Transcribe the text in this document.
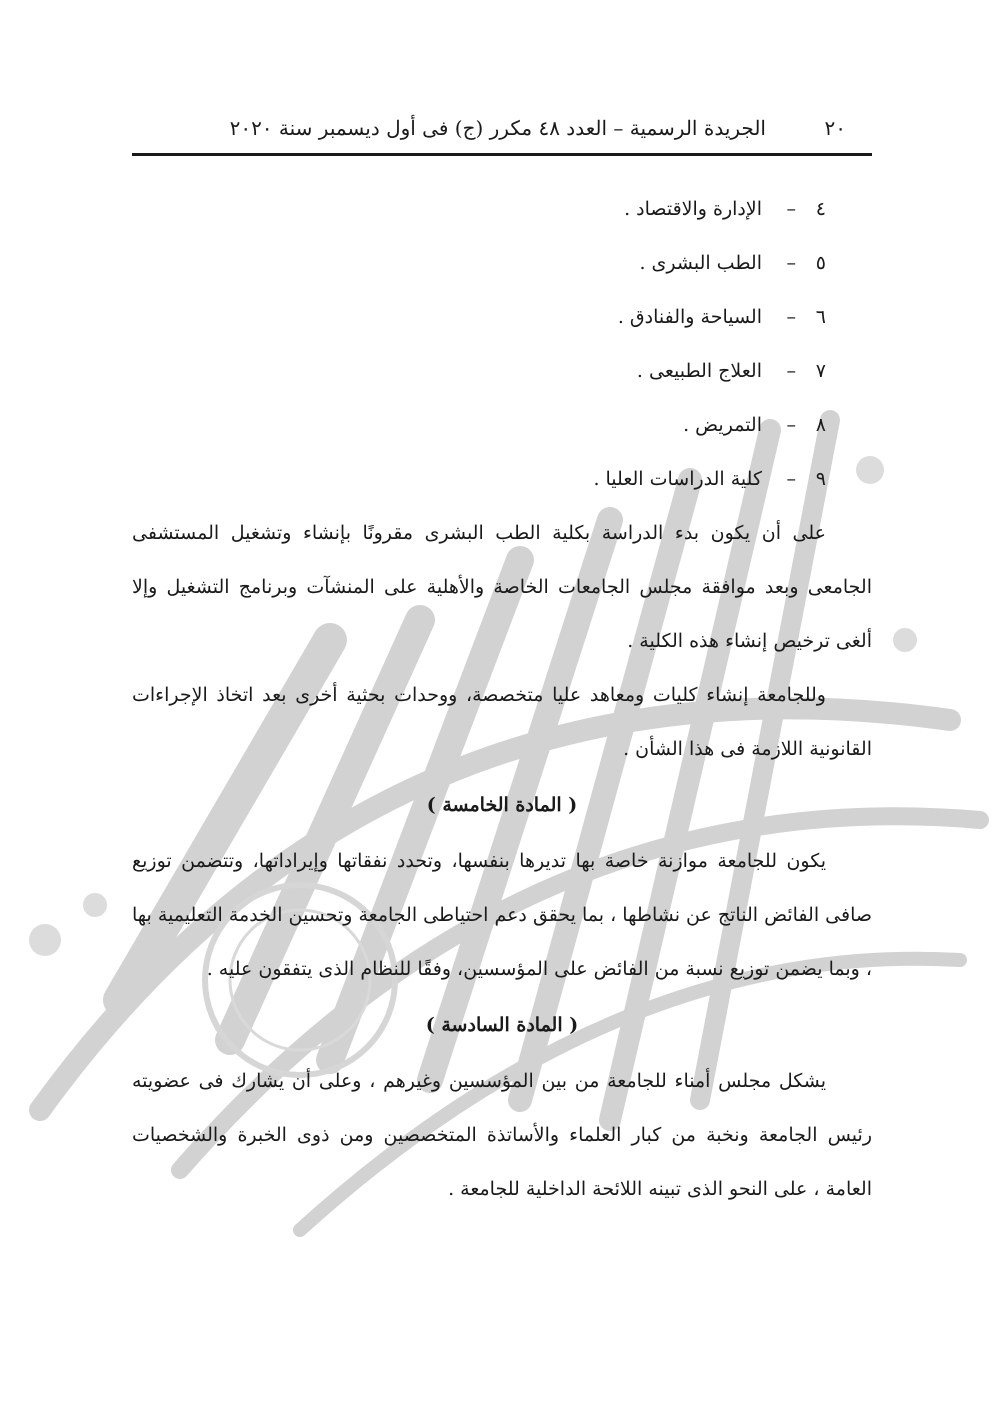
٢٠
الجريدة الرسمية – العدد ٤٨ مكرر (ج) فى أول ديسمبر سنة ٢٠٢٠
٤
–
الإدارة والاقتصاد .
٥
–
الطب البشرى .
٦
–
السياحة والفنادق .
٧
–
العلاج الطبيعى .
٨
–
التمريض .
٩
–
كلية الدراسات العليا .

على أن يكون بدء الدراسة بكلية الطب البشرى مقرونًا بإنشاء وتشغيل المستشفى الجامعى وبعد موافقة مجلس الجامعات الخاصة والأهلية على المنشآت وبرنامج التشغيل وإلا ألغى ترخيص إنشاء هذه الكلية .

وللجامعة إنشاء كليات ومعاهد عليا متخصصة، ووحدات بحثية أخرى بعد اتخاذ الإجراءات القانونية اللازمة فى هذا الشأن .

( المادة الخامسة )

يكون للجامعة موازنة خاصة بها تديرها بنفسها، وتحدد نفقاتها وإيراداتها، وتتضمن توزيع صافى الفائض الناتج عن نشاطها ، بما يحقق دعم احتياطى الجامعة وتحسين الخدمة التعليمية بها ، وبما يضمن توزيع نسبة من الفائض على المؤسسين، وفقًا للنظام الذى يتفقون عليه .

( المادة السادسة )

يشكل مجلس أمناء للجامعة من بين المؤسسين وغيرهم ، وعلى أن يشارك فى عضويته رئيس الجامعة ونخبة من كبار العلماء والأساتذة المتخصصين ومن ذوى الخبرة والشخصيات العامة ، على النحو الذى تبينه اللائحة الداخلية للجامعة .
